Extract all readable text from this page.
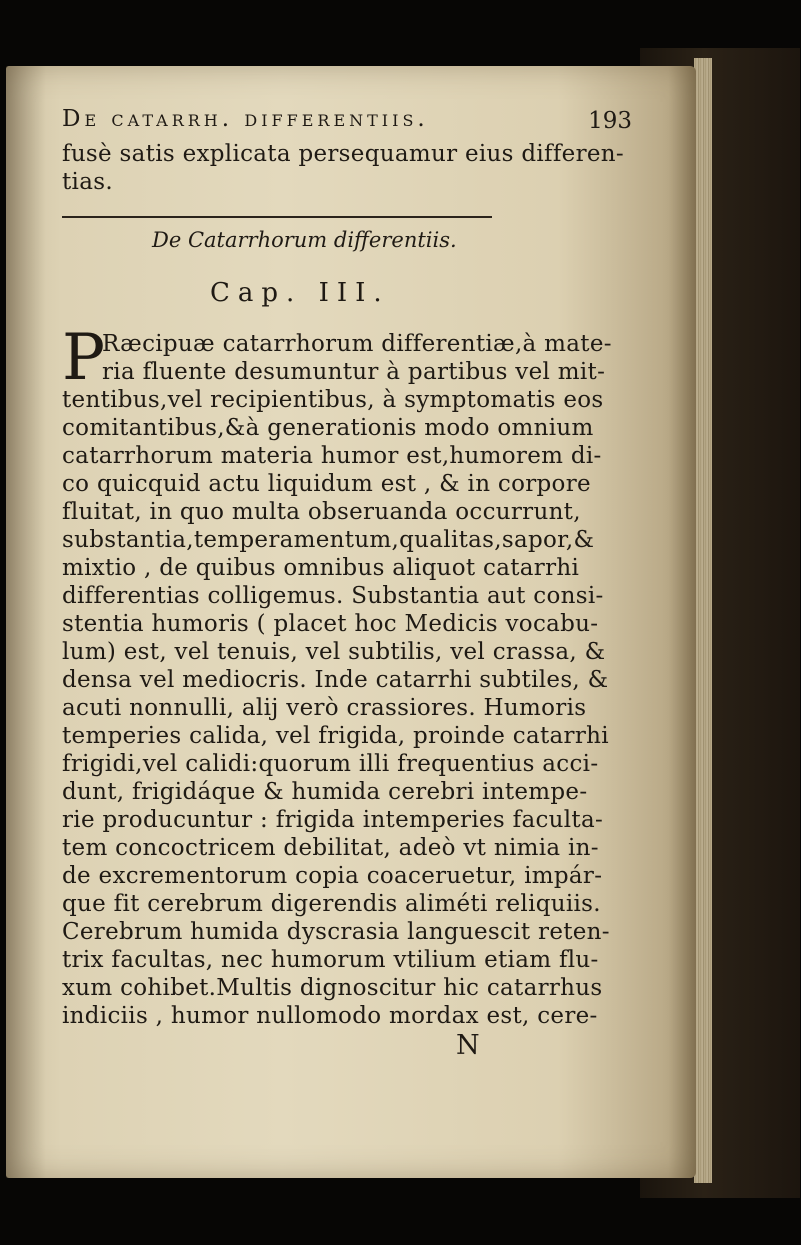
De catarrh. differentiis.	193
fusè satis explicata persequamur eius differen-
tias.
De Catarrhorum differentiis.
Cap. III.
P
Ræcipuæ catarrhorum differentiæ,à mate-
ria fluente desumuntur à partibus vel mit-
tentibus,vel recipientibus, à symptomatis eos
comitantibus,&à generationis modo omnium
catarrhorum materia humor est,humorem di-
co quicquid actu liquidum est , & in corpore
fluitat, in quo multa obseruanda occurrunt,
substantia,temperamentum,qualitas,sapor,&
mixtio , de quibus omnibus aliquot catarrhi
differentias colligemus. Substantia aut consi-
stentia humoris ( placet hoc Medicis vocabu-
lum) est, vel tenuis, vel subtilis, vel crassa, &
densa vel mediocris. Inde catarrhi subtiles, &
acuti nonnulli, alij verò crassiores. Humoris
temperies calida, vel frigida, proinde catarrhi
frigidi,vel calidi:quorum illi frequentius acci-
dunt, frigidáque & humida cerebri intempe-
rie producuntur : frigida intemperies faculta-
tem concoctricem debilitat, adeò vt nimia in-
de excrementorum copia coaceruetur, impár-
que fit cerebrum digerendis aliméti reliquiis.
Cerebrum humida dyscrasia languescit reten-
trix facultas, nec humorum vtilium etiam flu-
xum cohibet.Multis dignoscitur hic catarrhus
indiciis , humor nullomodo mordax est, cere-
N
